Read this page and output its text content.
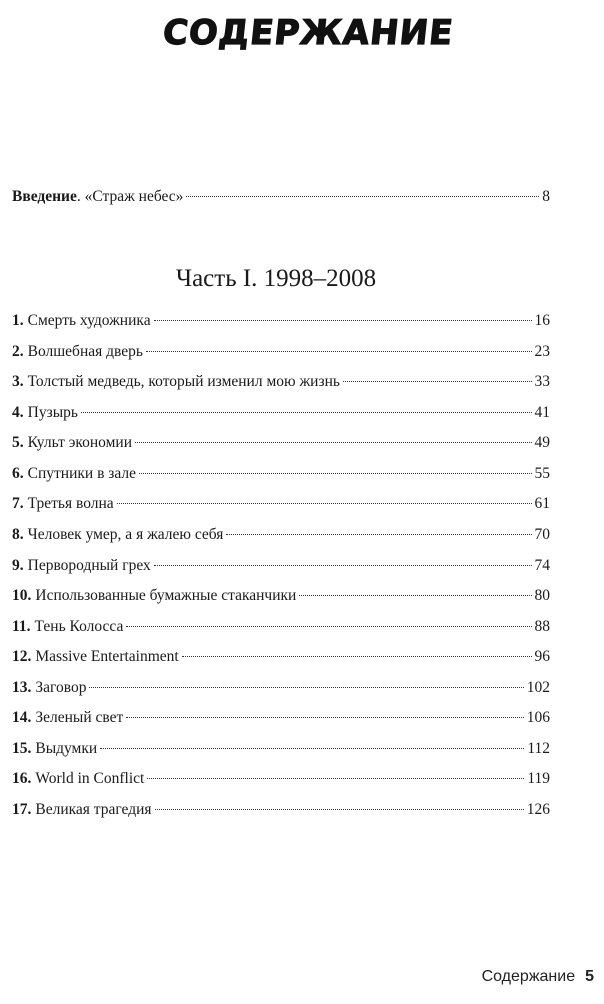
СОДЕРЖАНИЕ
Введение. «Страж небес»	8
Часть I. 1998–2008
1. Смерть художника	16
2. Волшебная дверь	23
3. Толстый медведь, который изменил мою жизнь	33
4. Пузырь	41
5. Культ экономии	49
6. Спутники в зале	55
7. Третья волна	61
8. Человек умер, а я жалею себя	70
9. Первородный грех	74
10. Использованные бумажные стаканчики	80
11. Тень Колосса	88
12. Massive Entertainment	96
13. Заговор	102
14. Зеленый свет	106
15. Выдумки	112
16. World in Conflict	119
17. Великая трагедия	126
Содержание 5
